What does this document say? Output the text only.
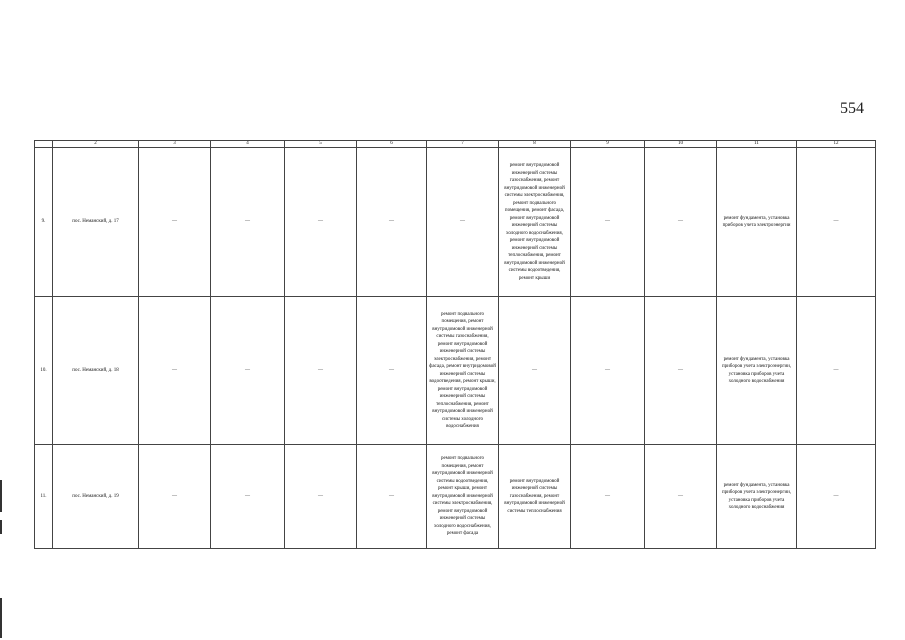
554
	2	3	4	5	6	7	8	9	10	11	12
9.	пос. Неманский, д. 17	—	—	—	—	—	ремонт внутридомовой инженерной системы газоснабжения, ремонт внутридомовой инженерной системы электроснабжения, ремонт подвального помещения, ремонт фасада, ремонт внутридомовой инженерной системы холодного водоснабжения, ремонт внутридомовой инженерной системы теплоснабжения, ремонт внутридомовой инженерной системы водоотведения, ремонт крыши	—	—	ремонт фундамента, установка приборов учета электроэнергии	—
10.	пос. Неманский, д. 18	—	—	—	—	ремонт подвального помещения, ремонт внутридомовой инженерной системы газоснабжения, ремонт внутридомовой инженерной системы электроснабжения, ремонт фасада, ремонт внутридомовой инженерной системы водоотведения, ремонт крыши, ремонт внутридомовой инженерной системы теплоснабжения, ремонт внутридомовой инженерной системы холодного водоснабжения	—	—	—	ремонт фундамента, установка приборов учета электроэнергии, установка приборов учета холодного водоснабжения	—
11.	пос. Неманский, д. 19	—	—	—	—	ремонт подвального помещения, ремонт внутридомовой инженерной системы водоотведения, ремонт крыши, ремонт внутридомовой инженерной системы электроснабжения, ремонт внутридомовой инженерной системы холодного водоснабжения, ремонт фасада	ремонт внутридомовой инженерной системы газоснабжения, ремонт внутридомовой инженерной системы теплоснабжения	—	—	ремонт фундамента, установка приборов учета электроэнергии, установка приборов учета холодного водоснабжения	—
